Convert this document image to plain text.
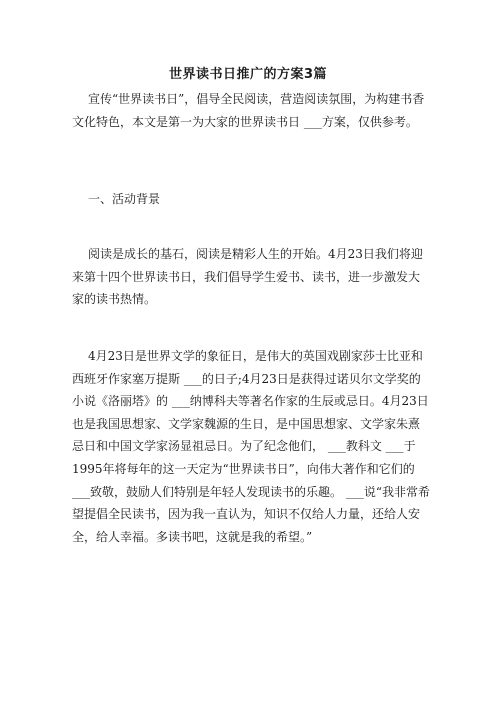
世界读书日推广的方案3篇

宣传“世界读书日”，倡导全民阅读，营造阅读氛围，为构建书香文化特色，本文是第一为大家的世界读书日 ___方案，仅供参考。

一、活动背景

阅读是成长的基石，阅读是精彩人生的开始。4月23日我们将迎来第十四个世界读书日，我们倡导学生爱书、读书，进一步激发大家的读书热情。

4月23日是世界文学的象征日，是伟大的英国戏剧家莎士比亚和西班牙作家塞万提斯 ___的日子;4月23日是获得过诺贝尔文学奖的小说《洛丽塔》的 ___纳博科夫等著名作家的生辰或忌日。4月23日也是我国思想家、文学家魏源的生日，是中国思想家、文学家朱熹忌日和中国文学家汤显祖忌日。为了纪念他们， ___教科文 ___于1995年将每年的这一天定为“世界读书日”，向伟大著作和它们的 ___致敬，鼓励人们特别是年轻人发现读书的乐趣。 ___说“我非常希望提倡全民读书，因为我一直认为，知识不仅给人力量，还给人安全，给人幸福。多读书吧，这就是我的希望。”
